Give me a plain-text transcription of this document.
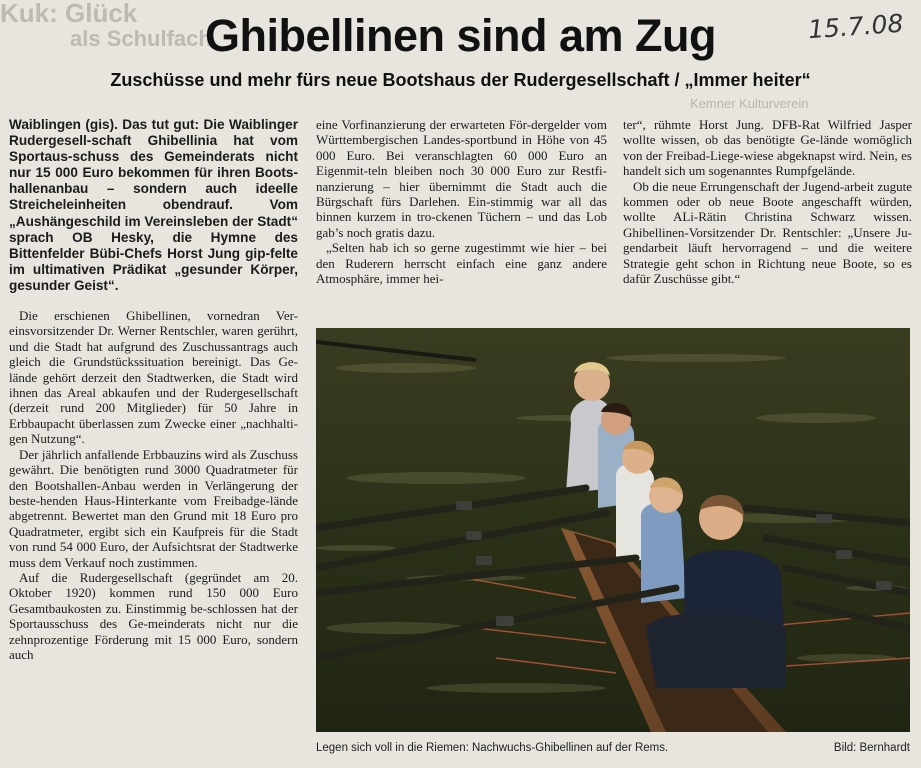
Kuk: Glück
als Schulfach
Kemner Kulturverein
Ghibellinen sind am Zug	15.7.08
Zuschüsse und mehr fürs neue Bootshaus der Rudergesellschaft / „Immer heiter“

Waiblingen (gis). Das tut gut: Die Waiblinger Rudergesell-schaft Ghibellinia hat vom Sportaus-schuss des Gemeinderats nicht nur 15 000 Euro bekommen für ihren Boots-hallenanbau – sondern auch ideelle Streicheleinheiten obendrauf. Vom „Aushängeschild im Vereinsleben der Stadt“ sprach OB Hesky, die Hymne des Bittenfelder Bübi-Chefs Horst Jung gip-felte im ultimativen Prädikat „gesunder Körper, gesunder Geist“.

Die erschienen Ghibellinen, vornedran Ver-einsvorsitzender Dr. Werner Rentschler, waren gerührt, und die Stadt hat aufgrund des Zuschussantrags auch gleich die Grundstückssituation bereinigt. Das Ge-lände gehört derzeit den Stadtwerken, die Stadt wird ihnen das Areal abkaufen und der Rudergesellschaft (derzeit rund 200 Mitglieder) für 50 Jahre in Erbbaupacht überlassen zum Zwecke einer „nachhalti-gen Nutzung“.

Der jährlich anfallende Erbbauzins wird als Zuschuss gewährt. Die benötigten rund 3000 Quadratmeter für den Bootshallen-Anbau werden in Verlängerung der beste-henden Haus-Hinterkante vom Freibadge-lände abgetrennt. Bewertet man den Grund mit 18 Euro pro Quadratmeter, ergibt sich ein Kaufpreis für die Stadt von rund 54 000 Euro, der Aufsichtsrat der Stadtwerke muss dem Verkauf noch zustimmen.

Auf die Rudergesellschaft (gegründet am 20. Oktober 1920) kommen rund 150 000 Euro Gesamtbaukosten zu. Einstimmig be-schlossen hat der Sportausschuss des Ge-meinderats nicht nur die zehnprozentige Förderung mit 15 000 Euro, sondern auch

eine Vorfinanzierung der erwarteten För-dergelder vom Württembergischen Landes-sportbund in Höhe von 45 000 Euro. Bei veranschlagten 60 000 Euro an Eigenmit-teln bleiben noch 30 000 Euro zur Restfi-nanzierung – hier übernimmt die Stadt auch die Bürgschaft fürs Darlehen. Ein-stimmig war all das binnen kurzem in tro-ckenen Tüchern – und das Lob gab’s noch gratis dazu.

„Selten hab ich so gerne zugestimmt wie hier – bei den Ruderern herrscht einfach eine ganz andere Atmosphäre, immer hei-

ter“, rühmte Horst Jung. DFB-Rat Wilfried Jasper wollte wissen, ob das benötigte Ge-lände womöglich von der Freibad-Liege-wiese abgeknapst wird. Nein, es handelt sich um sogenanntes Rumpfgelände.

Ob die neue Errungenschaft der Jugend-arbeit zugute kommen oder ob neue Boote angeschafft würden, wollte ALi-Rätin Christina Schwarz wissen. Ghibellinen-Vorsitzender Dr. Rentschler: „Unsere Ju-gendarbeit läuft hervorragend – und die weitere Strategie geht schon in Richtung neue Boote, so es dafür Zuschüsse gibt.“

Legen sich voll in die Riemen: Nachwuchs-Ghibellinen auf der Rems.	Bild: Bernhardt
